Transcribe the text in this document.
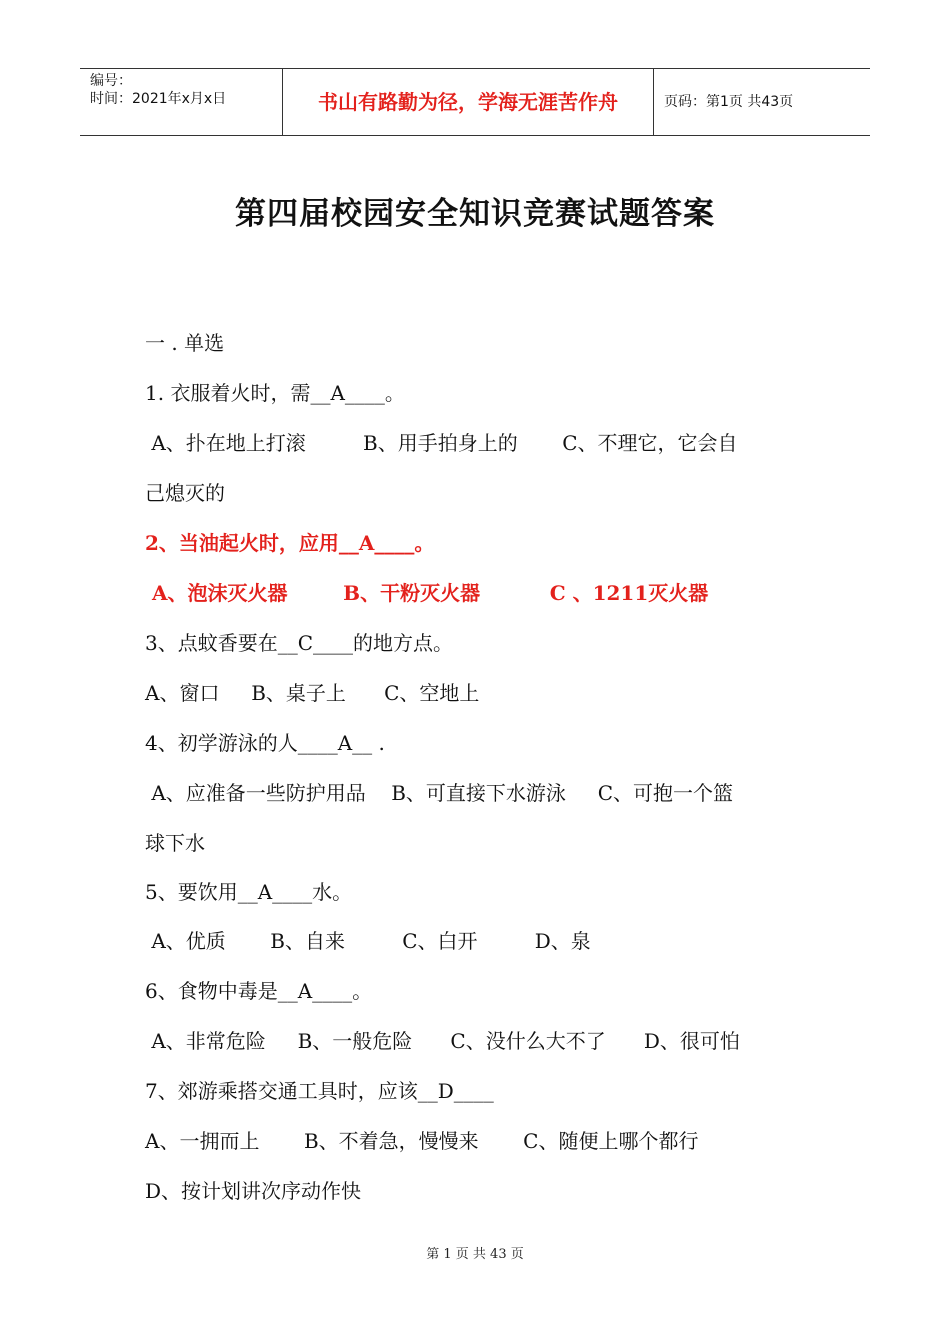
编号：
时间：2021年x月x日	书山有路勤为径，学海无涯苦作舟	页码：第1页 共43页
第四届校园安全知识竞赛试题答案
一 . 单选
1. 衣服着火时，需__A____。
A、扑在地上打滚         B、用手拍身上的       C、不理它，它会自
己熄灭的
2、当油起火时，应用__A____。
A、泡沫灭火器        B、干粉灭火器          C 、1211灭火器
3、点蚊香要在__C____的地方点。
A、窗口     B、桌子上      C、空地上
4、初学游泳的人____A__ .
A、应准备一些防护用品    B、可直接下水游泳     C、可抱一个篮
球下水
5、要饮用__A____水。
A、优质       B、自来         C、白开         D、泉
6、食物中毒是__A____。
A、非常危险     B、一般危险      C、没什么大不了      D、很可怕
7、郊游乘搭交通工具时，应该__D____
A、一拥而上       B、不着急，慢慢来       C、随便上哪个都行
D、按计划讲次序动作快
第 1 页 共 43 页
